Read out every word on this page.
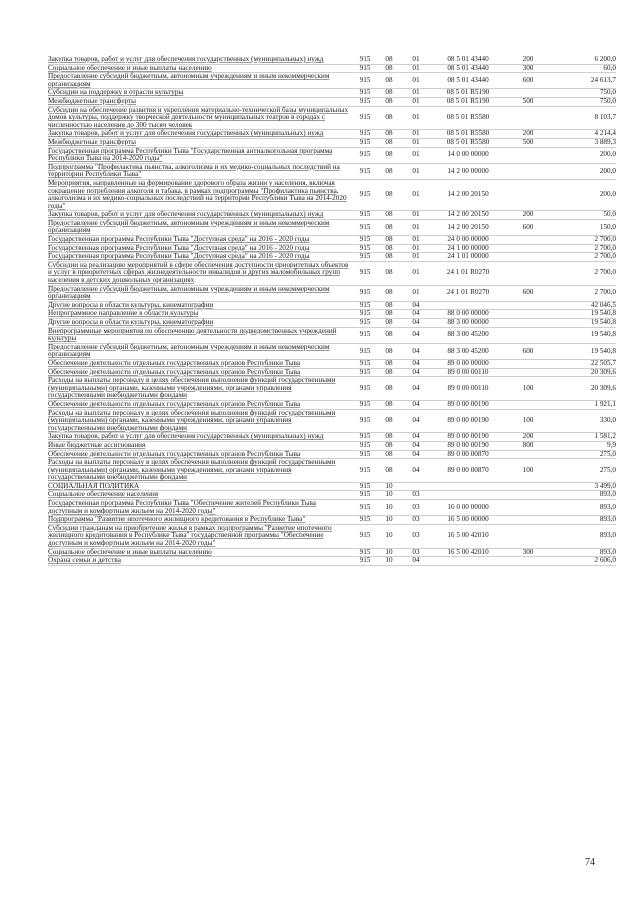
Закупка товаров, работ и услуг для обеспечения государственных (муниципальных) нужд	915	08	01	08 5 01 43440	200	6 200,0

Социальное обеспечение и иные выплаты населению	915	08	01	08 5 01 43440	300	60,0

Предоставление субсидий бюджетным, автономным учреждениям и иным некоммерческим организациям	915	08	01	08 5 01 43440	600	24 613,7

Субсидии на поддержку в отрасли культуры	915	08	01	08 5 01 R5190		750,0

Межбюджетные трансферты	915	08	01	08 5 01 R5190	500	750,0

Субсидии на обеспечение развития и укрепления материально-технической базы муниципальных домов культуры, поддержку творческой деятельности муниципальных театров в городах с численностью населения до 300 тысяч человек	915	08	01	08 5 01 R5580		8 103,7

Закупка товаров, работ и услуг для обеспечения государственных (муниципальных) нужд	915	08	01	08 5 01 R5580	200	4 214,4

Межбюджетные трансферты	915	08	01	08 5 01 R5580	500	3 889,3

Государственная программа Республики Тыва "Государственная антиалкогольная программа Республики Тыва на 2014-2020 годы"	915	08	01	14 0 00 00000		200,0

Подпрограмма "Профилактика пьянства, алкоголизма и их медико-социальных последствий на территории Республики Тыва"	915	08	01	14 2 00 00000		200,0

Мероприятия, направленные на формирование здорового образа жизни у населения, включая сокращение потребления алкоголя и табака, в рамках подпрограммы "Профилактика пьянства, алкоголизма и их медико-социальных последствий на территории Республики Тыва на 2014-2020 годы"	915	08	01	14 2 00 20150		200,0

Закупка товаров, работ и услуг для обеспечения государственных (муниципальных) нужд	915	08	01	14 2 00 20150	200	50,0

Предоставление субсидий бюджетным, автономным учреждениям и иным некоммерческим организациям	915	08	01	14 2 00 20150	600	150,0

Государственная программа Республики Тыва "Доступная среда" на 2016 - 2020 годы	915	08	01	24 0 00 00000		2 700,0

Государственная программа Республики Тыва "Доступная среда" на 2016 - 2020 годы	915	08	01	24 1 00 00000		2 700,0

Государственная программа Республики Тыва "Доступная среда" на 2016 - 2020 годы	915	08	01	24 1 01 00000		2 700,0

Субсидии на реализацию мероприятий в сфере обеспечения доступности приоритетных объектов и услуг в приоритетных сферах жизнедеятельности инвалидов и других маломобильных групп населения в детских дошкольных организациях	915	08	01	24 1 01 R0270		2 700,0

Предоставление субсидий бюджетным, автономным учреждениям и иным некоммерческим организациям	915	08	01	24 1 01 R0270	600	2 700,0

Другие вопросы в области культуры, кинематографии	915	08	04			42 046,5

Непрограммное направление в области культуры	915	08	04	88 0 00 00000		19 540,8

Другие вопросы в области культуры, кинематографии	915	08	04	88 3 00 00000		19 540,8

Внепрограммные мероприятия по обеспечению деятельности подведомственных учреждений культуры	915	08	04	88 3 00 45200		19 540,8

Предоставление субсидий бюджетным, автономным учреждениям и иным некоммерческим организациям	915	08	04	88 3 00 45200	600	19 540,8

Обеспечение деятельности отдельных государственных органов Республики Тыва	915	08	04	89 0 00 00000		22 505,7

Обеспечение деятельности отдельных государственных органов Республики Тыва	915	08	04	89 0 00 00110		20 309,6

Расходы на выплаты персоналу в целях обеспечения выполнения функций государственными (муниципальными) органами, казенными учреждениями, органами управления государственными внебюджетными фондами	915	08	04	89 0 00 00110	100	20 309,6

Обеспечение деятельности отдельных государственных органов Республики Тыва	915	08	04	89 0 00 00190		1 921,1

Расходы на выплаты персоналу в целях обеспечения выполнения функций государственными (муниципальными) органами, казенными учреждениями, органами управления государственными внебюджетными фондами	915	08	04	89 0 00 00190	100	330,0

Закупка товаров, работ и услуг для обеспечения государственных (муниципальных) нужд	915	08	04	89 0 00 00190	200	1 581,2

Иные бюджетные ассигнования	915	08	04	89 0 00 00190	800	9,9

Обеспечение деятельности отдельных государственных органов Республики Тыва	915	08	04	89 0 00 00870		275,0

Расходы на выплаты персоналу в целях обеспечения выполнения функций государственными (муниципальными) органами, казенными учреждениями, органами управления государственными внебюджетными фондами	915	08	04	89 0 00 00870	100	275,0

СОЦИАЛЬНАЯ ПОЛИТИКА	915	10				3 499,0

Социальное обеспечение населения	915	10	03			893,0

Государственная программа Республики Тыва "Обеспечение жителей Республики Тыва доступным и комфортным жильем на 2014-2020 годы"	915	10	03	16 0 00 00000		893,0

Подпрограмма "Развитие ипотечного жилищного кредитования в Республике Тыва"	915	10	03	16 5 00 00000		893,0

Субсидии гражданам на приобретение жилья в рамках подпрограммы "Развитие ипотечного жилищного кредитования в Республике Тыва" государственной программы "Обеспечение доступным и комфортным жильем на 2014-2020 годы"	915	10	03	16 5 00 42010		893,0

Социальное обеспечение и иные выплаты населению	915	10	03	16 5 00 42010	300	893,0

Охрана семьи и детства	915	10	04			2 606,0
74
